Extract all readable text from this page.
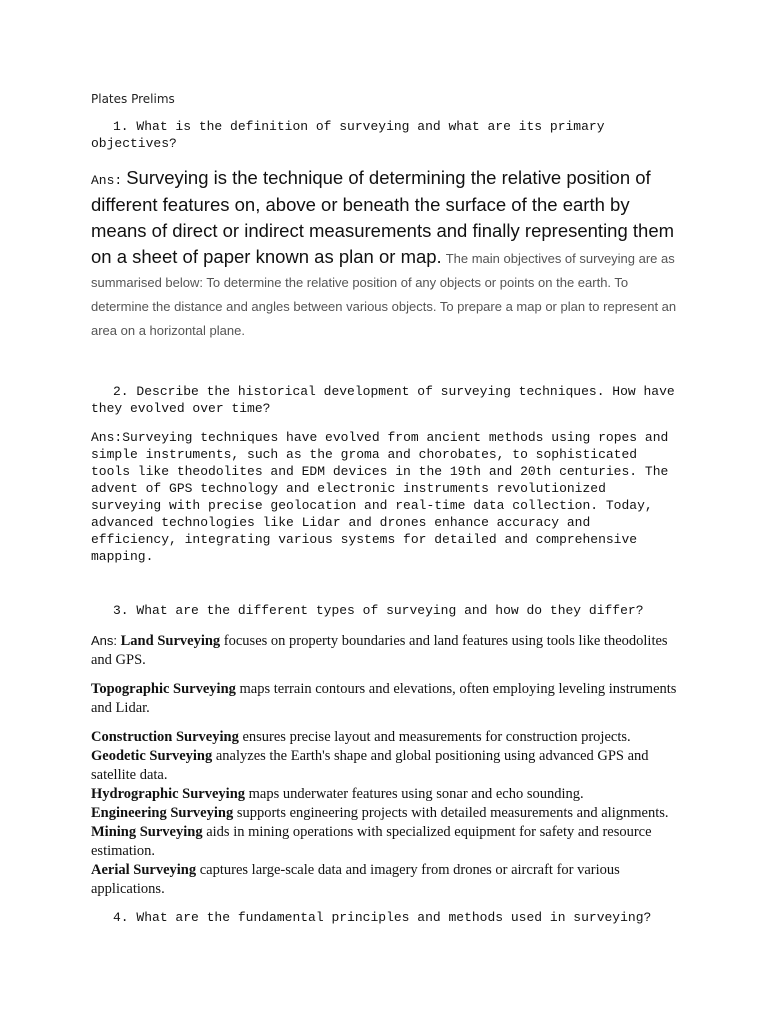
Plates Prelims

1. What is the definition of surveying and what are its primary objectives?

Ans: Surveying is the technique of determining the relative position of different features on, above or beneath the surface of the earth by means of direct or indirect measurements and finally representing them on a sheet of paper known as plan or map. The main objectives of surveying are as summarised below: To determine the relative position of any objects or points on the earth. To determine the distance and angles between various objects. To prepare a map or plan to represent an area on a horizontal plane.

2. Describe the historical development of surveying techniques. How have they evolved over time?

Ans:Surveying techniques have evolved from ancient methods using ropes and simple instruments, such as the groma and chorobates, to sophisticated tools like theodolites and EDM devices in the 19th and 20th centuries. The advent of GPS technology and electronic instruments revolutionized surveying with precise geolocation and real-time data collection. Today, advanced technologies like Lidar and drones enhance accuracy and efficiency, integrating various systems for detailed and comprehensive mapping.

3. What are the different types of surveying and how do they differ?

Ans: Land Surveying focuses on property boundaries and land features using tools like theodolites and GPS.

Topographic Surveying maps terrain contours and elevations, often employing leveling instruments and Lidar.

Construction Surveying ensures precise layout and measurements for construction projects.

Geodetic Surveying analyzes the Earth's shape and global positioning using advanced GPS and satellite data.

Hydrographic Surveying maps underwater features using sonar and echo sounding.

Engineering Surveying supports engineering projects with detailed measurements and alignments.

Mining Surveying aids in mining operations with specialized equipment for safety and resource estimation.

Aerial Surveying captures large-scale data and imagery from drones or aircraft for various applications.

4. What are the fundamental principles and methods used in surveying?
